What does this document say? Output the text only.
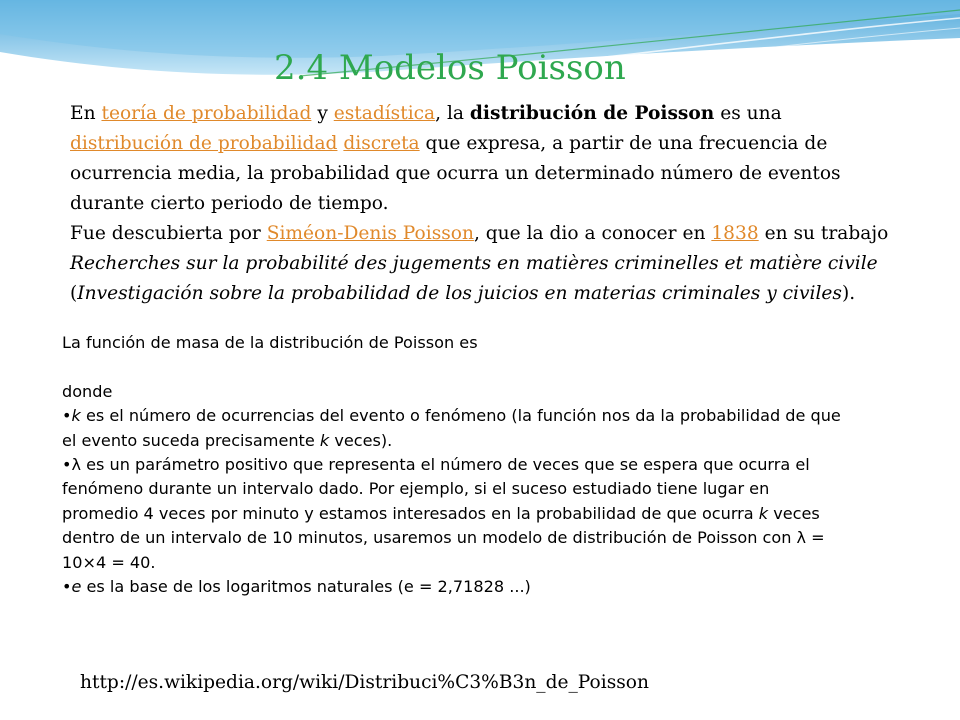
2.4 Modelos Poisson

En teoría de probabilidad y estadística, la distribución de Poisson es una distribución de probabilidad discreta que expresa, a partir de una frecuencia de ocurrencia media, la probabilidad que ocurra un determinado número de eventos durante cierto periodo de tiempo.

Fue descubierta por Siméon-Denis Poisson, que la dio a conocer en 1838 en su trabajo Recherches sur la probabilité des jugements en matières criminelles et matière civile (Investigación sobre la probabilidad de los juicios en materias criminales y civiles).

La función de masa de la distribución de Poisson es

donde

•k es el número de ocurrencias del evento o fenómeno (la función nos da la probabilidad de que el evento suceda precisamente k veces).

•λ es un parámetro positivo que representa el número de veces que se espera que ocurra el fenómeno durante un intervalo dado. Por ejemplo, si el suceso estudiado tiene lugar en promedio 4 veces por minuto y estamos interesados en la probabilidad de que ocurra k veces dentro de un intervalo de 10 minutos, usaremos un modelo de distribución de Poisson con λ = 10×4 = 40.

•e es la base de los logaritmos naturales (e = 2,71828 ...)

http://es.wikipedia.org/wiki/Distribuci%C3%B3n_de_Poisson
